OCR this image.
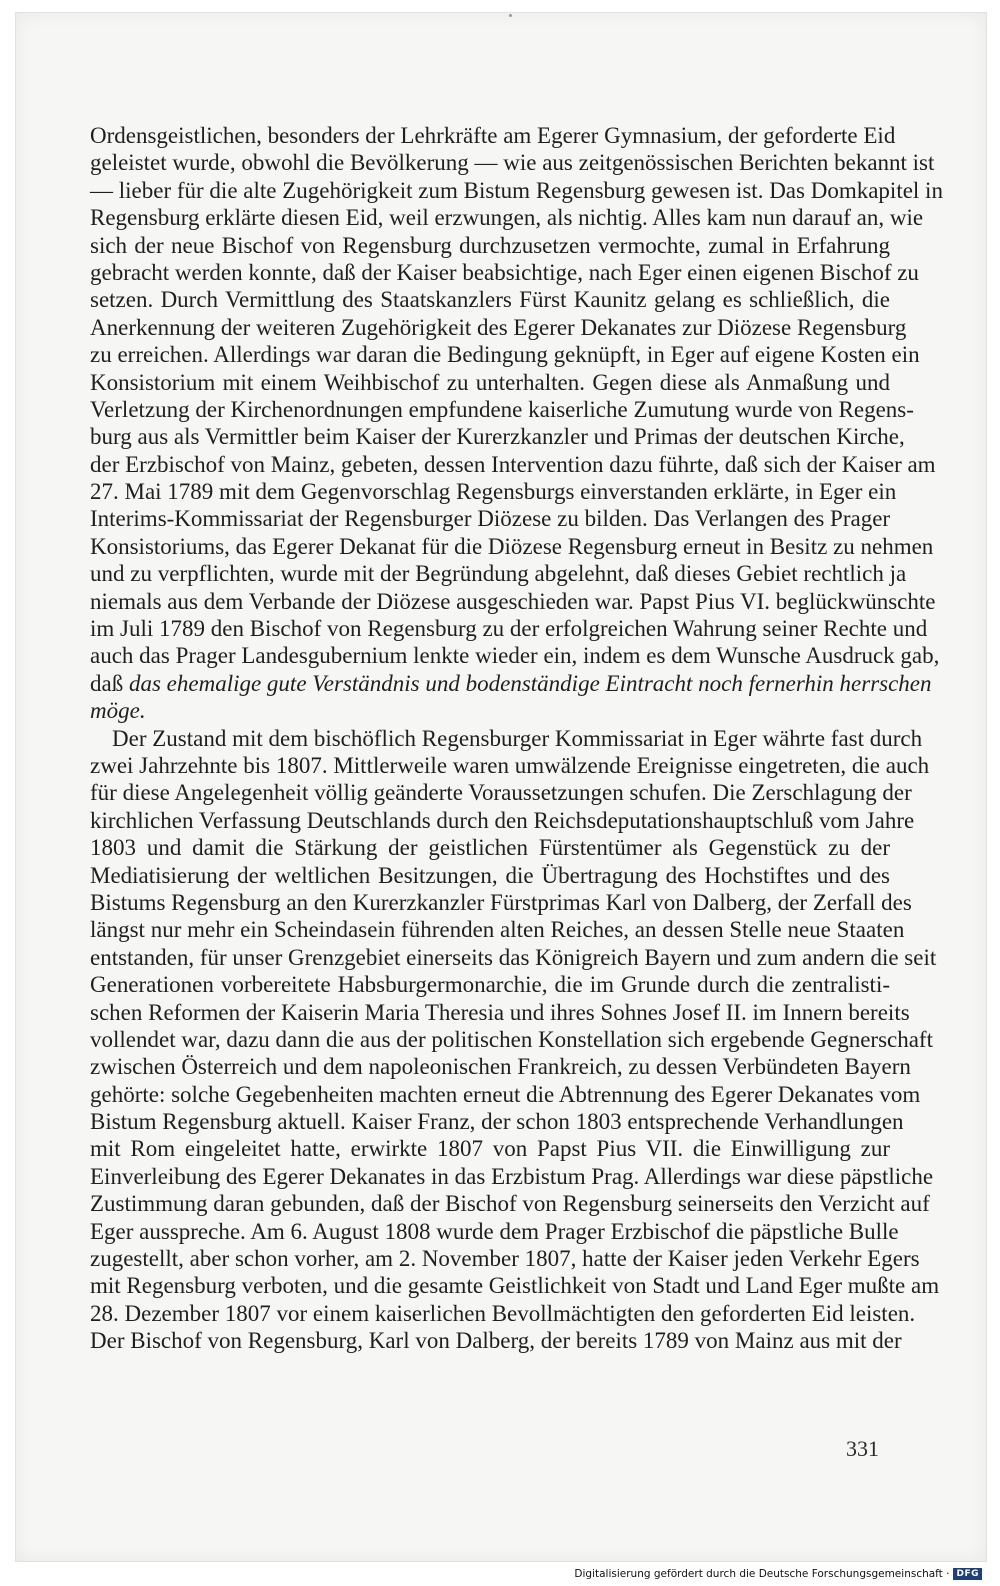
Ordensgeistlichen, besonders der Lehrkräfte am Egerer Gymnasium, der geforderte Eid
geleistet wurde, obwohl die Bevölkerung — wie aus zeitgenössischen Berichten bekannt ist
— lieber für die alte Zugehörigkeit zum Bistum Regensburg gewesen ist. Das Domkapitel in
Regensburg erklärte diesen Eid, weil erzwungen, als nichtig. Alles kam nun darauf an, wie
sich der neue Bischof von Regensburg durchzusetzen vermochte, zumal in Erfahrung
gebracht werden konnte, daß der Kaiser beabsichtige, nach Eger einen eigenen Bischof zu
setzen. Durch Vermittlung des Staatskanzlers Fürst Kaunitz gelang es schließlich, die
Anerkennung der weiteren Zugehörigkeit des Egerer Dekanates zur Diözese Regensburg
zu erreichen. Allerdings war daran die Bedingung geknüpft, in Eger auf eigene Kosten ein
Konsistorium mit einem Weihbischof zu unterhalten. Gegen diese als Anmaßung und
Verletzung der Kirchenordnungen empfundene kaiserliche Zumutung wurde von Regens-
burg aus als Vermittler beim Kaiser der Kurerzkanzler und Primas der deutschen Kirche,
der Erzbischof von Mainz, gebeten, dessen Intervention dazu führte, daß sich der Kaiser am
27. Mai 1789 mit dem Gegenvorschlag Regensburgs einverstanden erklärte, in Eger ein
Interims-Kommissariat der Regensburger Diözese zu bilden. Das Verlangen des Prager
Konsistoriums, das Egerer Dekanat für die Diözese Regensburg erneut in Besitz zu nehmen
und zu verpflichten, wurde mit der Begründung abgelehnt, daß dieses Gebiet rechtlich ja
niemals aus dem Verbande der Diözese ausgeschieden war. Papst Pius VI. beglückwünschte
im Juli 1789 den Bischof von Regensburg zu der erfolgreichen Wahrung seiner Rechte und
auch das Prager Landesgubernium lenkte wieder ein, indem es dem Wunsche Ausdruck gab,
daß das ehemalige gute Verständnis und bodenständige Eintracht noch fernerhin herrschen
möge.
Der Zustand mit dem bischöflich Regensburger Kommissariat in Eger währte fast durch
zwei Jahrzehnte bis 1807. Mittlerweile waren umwälzende Ereignisse eingetreten, die auch
für diese Angelegenheit völlig geänderte Voraussetzungen schufen. Die Zerschlagung der
kirchlichen Verfassung Deutschlands durch den Reichsdeputationshauptschluß vom Jahre
1803 und damit die Stärkung der geistlichen Fürstentümer als Gegenstück zu der
Mediatisierung der weltlichen Besitzungen, die Übertragung des Hochstiftes und des
Bistums Regensburg an den Kurerzkanzler Fürstprimas Karl von Dalberg, der Zerfall des
längst nur mehr ein Scheindasein führenden alten Reiches, an dessen Stelle neue Staaten
entstanden, für unser Grenzgebiet einerseits das Königreich Bayern und zum andern die seit
Generationen vorbereitete Habsburgermonarchie, die im Grunde durch die zentralisti-
schen Reformen der Kaiserin Maria Theresia und ihres Sohnes Josef II. im Innern bereits
vollendet war, dazu dann die aus der politischen Konstellation sich ergebende Gegnerschaft
zwischen Österreich und dem napoleonischen Frankreich, zu dessen Verbündeten Bayern
gehörte: solche Gegebenheiten machten erneut die Abtrennung des Egerer Dekanates vom
Bistum Regensburg aktuell. Kaiser Franz, der schon 1803 entsprechende Verhandlungen
mit Rom eingeleitet hatte, erwirkte 1807 von Papst Pius VII. die Einwilligung zur
Einverleibung des Egerer Dekanates in das Erzbistum Prag. Allerdings war diese päpstliche
Zustimmung daran gebunden, daß der Bischof von Regensburg seinerseits den Verzicht auf
Eger ausspreche. Am 6. August 1808 wurde dem Prager Erzbischof die päpstliche Bulle
zugestellt, aber schon vorher, am 2. November 1807, hatte der Kaiser jeden Verkehr Egers
mit Regensburg verboten, und die gesamte Geistlichkeit von Stadt und Land Eger mußte am
28. Dezember 1807 vor einem kaiserlichen Bevollmächtigten den geforderten Eid leisten.
Der Bischof von Regensburg, Karl von Dalberg, der bereits 1789 von Mainz aus mit der
331
Digitalisierung gefördert durch die Deutsche Forschungsgemeinschaft · DFG
